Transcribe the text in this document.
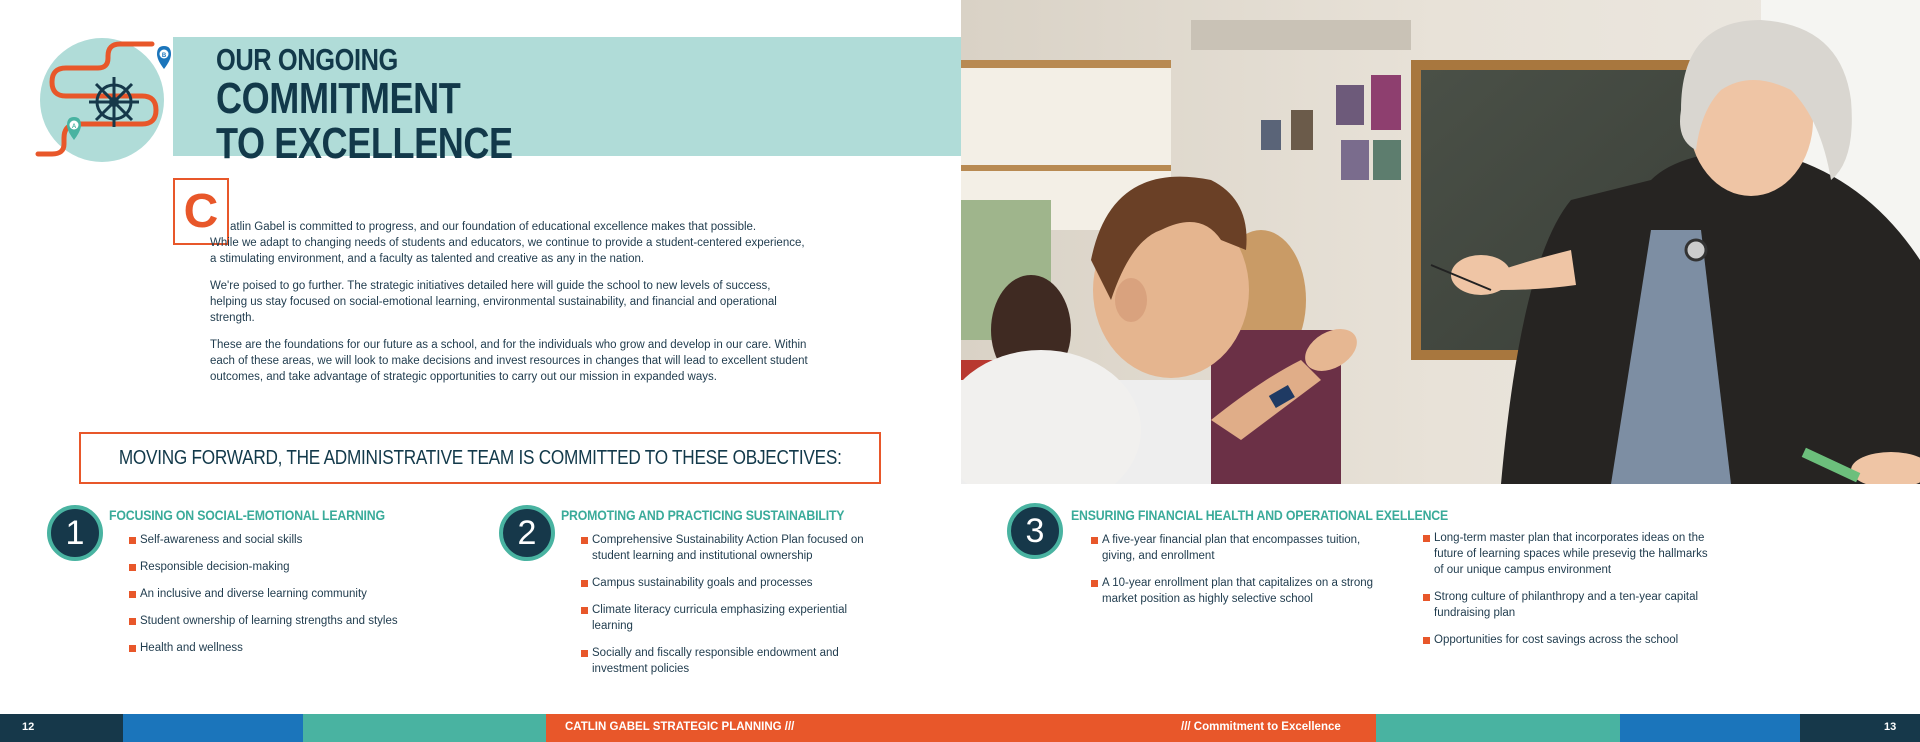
B
A
OUR ONGOING
COMMITMENT
TO EXCELLENCE
C	atlin Gabel is committed to progress, and our foundation of educational excellence makes that possible.
While we adapt to changing needs of students and educators, we continue to provide a student-centered experience, a stimulating environment, and a faculty as talented and creative as any in the nation.

We're poised to go further. The strategic initiatives detailed here will guide the school to new levels of success, helping us stay focused on social-emotional learning, environmental sustainability, and financial and operational strength.

These are the foundations for our future as a school, and for the individuals who grow and develop in our care. Within each of these areas, we will look to make decisions and invest resources in changes that will lead to excellent student outcomes, and take advantage of strategic opportunities to carry out our mission in expanded ways.

MOVING FORWARD, THE ADMINISTRATIVE TEAM IS COMMITTED TO THESE OBJECTIVES:
1	FOCUSING ON SOCIAL-EMOTIONAL LEARNING
Self-awareness and social skills
Responsible decision-making
An inclusive and diverse learning community
Student ownership of learning strengths and styles
Health and wellness
2	PROMOTING AND PRACTICING SUSTAINABILITY
Comprehensive Sustainability Action Plan focused on student learning and institutional ownership
Campus sustainability goals and processes
Climate literacy curricula emphasizing experiential learning
Socially and fiscally responsible endowment and investment policies
3	ENSURING FINANCIAL HEALTH AND OPERATIONAL EXELLENCE
A five-year financial plan that encompasses tuition, giving, and enrollment
A 10-year enrollment plan that capitalizes on a strong market position as highly selective school
Long-term master plan that incorporates ideas on the future of learning spaces while presevig the hallmarks of our unique campus environment
Strong culture of philanthropy and a ten-year capital fundraising plan
Opportunities for cost savings across the school
12	CATLIN GABEL STRATEGIC PLANNING ///	/// Commitment to Excellence	13
